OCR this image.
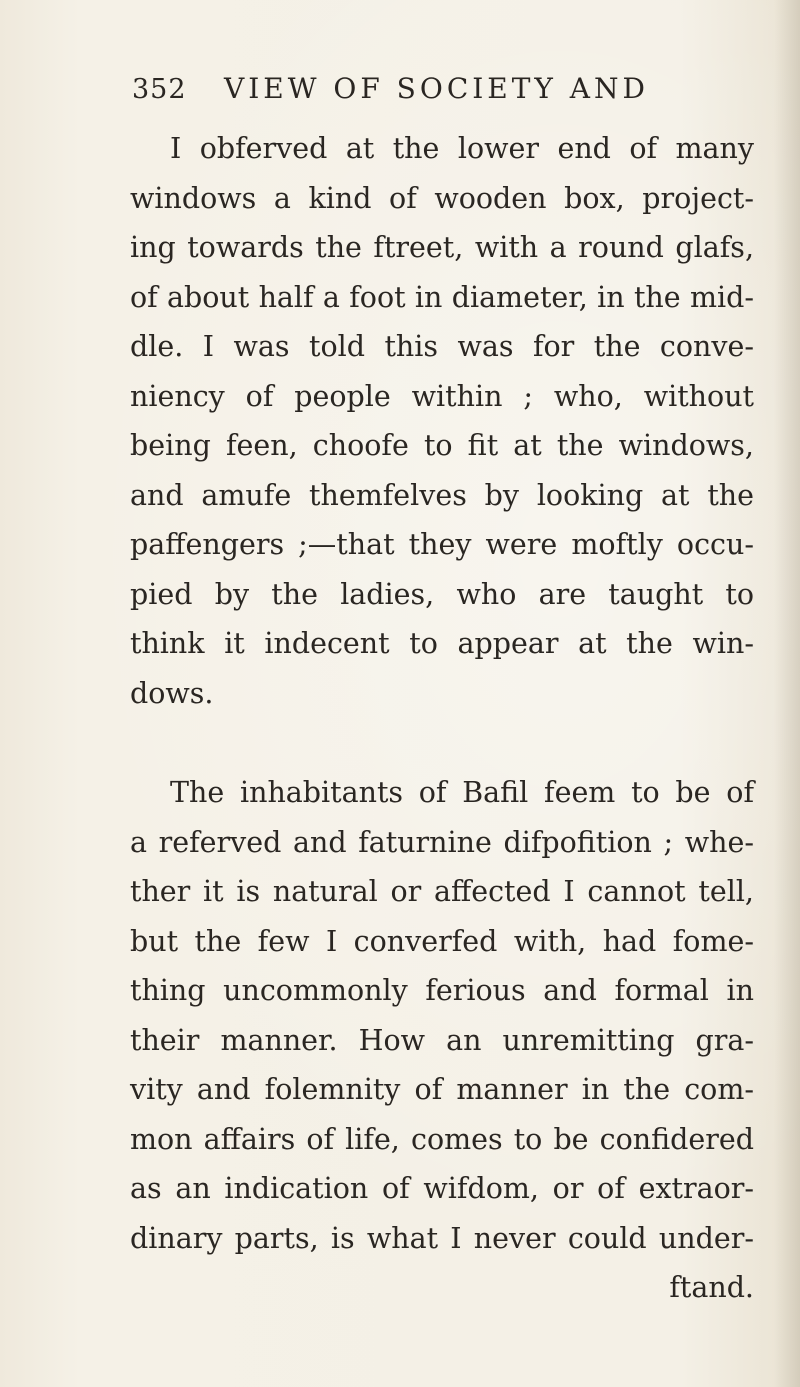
352 VIEW OF SOCIETY AND
I obferved at the lower end of many
windows a kind of wooden box, project-
ing towards the ftreet, with a round glafs,
of about half a foot in diameter, in the mid-
dle. I was told this was for the conve-
niency of people within ; who, without
being feen, choofe to fit at the windows,
and amufe themfelves by looking at the
paffengers ;—that they were moftly occu-
pied by the ladies, who are taught to
think it indecent to appear at the win-
dows.
The inhabitants of Bafil feem to be of
a referved and faturnine difpofition ; whe-
ther it is natural or affected I cannot tell,
but the few I converfed with, had fome-
thing uncommonly ferious and formal in
their manner. How an unremitting gra-
vity and folemnity of manner in the com-
mon affairs of life, comes to be confidered
as an indication of wifdom, or of extraor-
dinary parts, is what I never could under-
ftand.
